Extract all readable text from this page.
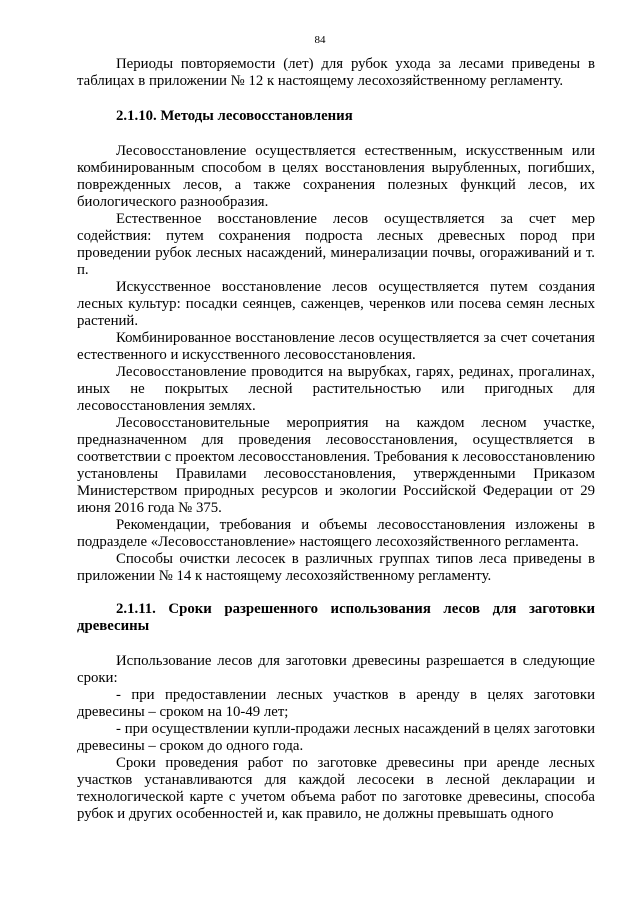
84

Периоды повторяемости (лет) для рубок ухода за лесами приведены в таблицах в приложении № 12 к настоящему лесохозяйственному регламенту.

2.1.10. Методы лесовосстановления

Лесовосстановление осуществляется естественным, искусственным или комбинированным способом в целях восстановления вырубленных, погибших, поврежденных лесов, а также сохранения полезных функций лесов, их биологического разнообразия.

Естественное восстановление лесов осуществляется за счет мер содействия: путем сохранения подроста лесных древесных пород при проведении рубок лесных насаждений, минерализации почвы, огораживаний и т. п.

Искусственное восстановление лесов осуществляется путем создания лесных культур: посадки сеянцев, саженцев, черенков или посева семян лесных растений.

Комбинированное восстановление лесов осуществляется за счет сочетания естественного и искусственного лесовосстановления.

Лесовосстановление проводится на вырубках, гарях, рединах, прогалинах, иных не покрытых лесной растительностью или пригодных для лесовосстановления землях.

Лесовосстановительные мероприятия на каждом лесном участке, предназначенном для проведения лесовосстановления, осуществляется в соответствии с проектом лесовосстановления. Требования к лесовосстановлению установлены Правилами лесовосстановления, утвержденными Приказом Министерством природных ресурсов и экологии Российской Федерации от 29 июня 2016 года № 375.

Рекомендации, требования и объемы лесовосстановления изложены в подразделе «Лесовосстановление» настоящего лесохозяйственного регламента.

Способы очистки лесосек в различных группах типов леса приведены в приложении № 14 к настоящему лесохозяйственному регламенту.

2.1.11. Сроки разрешенного использования лесов для заготовки древесины

Использование лесов для заготовки древесины разрешается в следующие сроки:

- при предоставлении лесных участков в аренду в целях заготовки древесины – сроком на 10-49 лет;

- при осуществлении купли-продажи лесных насаждений в целях заготовки древесины – сроком до одного года.

Сроки проведения работ по заготовке древесины при аренде лесных участков устанавливаются для каждой лесосеки в лесной декларации и технологической карте с учетом объема работ по заготовке древесины, способа рубок и других особенностей и, как правило, не должны превышать одного
